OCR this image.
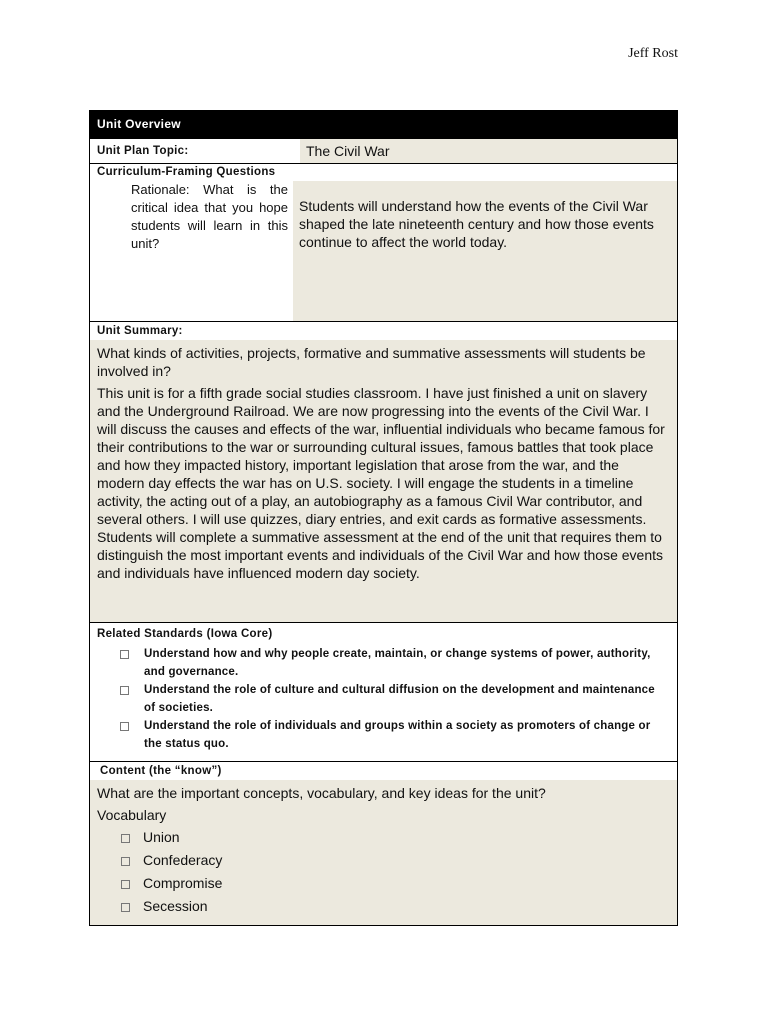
Jeff Rost
Unit Overview
Unit Plan Topic:	The Civil War
Curriculum-Framing Questions
Rationale: What is the critical idea that you hope students will learn in this unit?
Students will understand how the events of the Civil War shaped the late nineteenth century and how those events continue to affect the world today.
Unit Summary:

What kinds of activities, projects, formative and summative assessments will students be involved in?

This unit is for a fifth grade social studies classroom. I have just finished a unit on slavery and the Underground Railroad. We are now progressing into the events of the Civil War. I will discuss the causes and effects of the war, influential individuals who became famous for their contributions to the war or surrounding cultural issues, famous battles that took place and how they impacted history, important legislation that arose from the war, and the modern day effects the war has on U.S. society. I will engage the students in a timeline activity, the acting out of a play, an autobiography as a famous Civil War contributor, and several others. I will use quizzes, diary entries, and exit cards as formative assessments. Students will complete a summative assessment at the end of the unit that requires them to distinguish the most important events and individuals of the Civil War and how those events and individuals have influenced modern day society.

Related Standards (Iowa Core)
Understand how and why people create, maintain, or change systems of power, authority, and governance.
Understand the role of culture and cultural diffusion on the development and maintenance of societies.
Understand the role of individuals and groups within a society as promoters of change or the status quo.
Content (the “know”)
What are the important concepts, vocabulary, and key ideas for the unit?
Vocabulary
Union
Confederacy
Compromise
Secession
